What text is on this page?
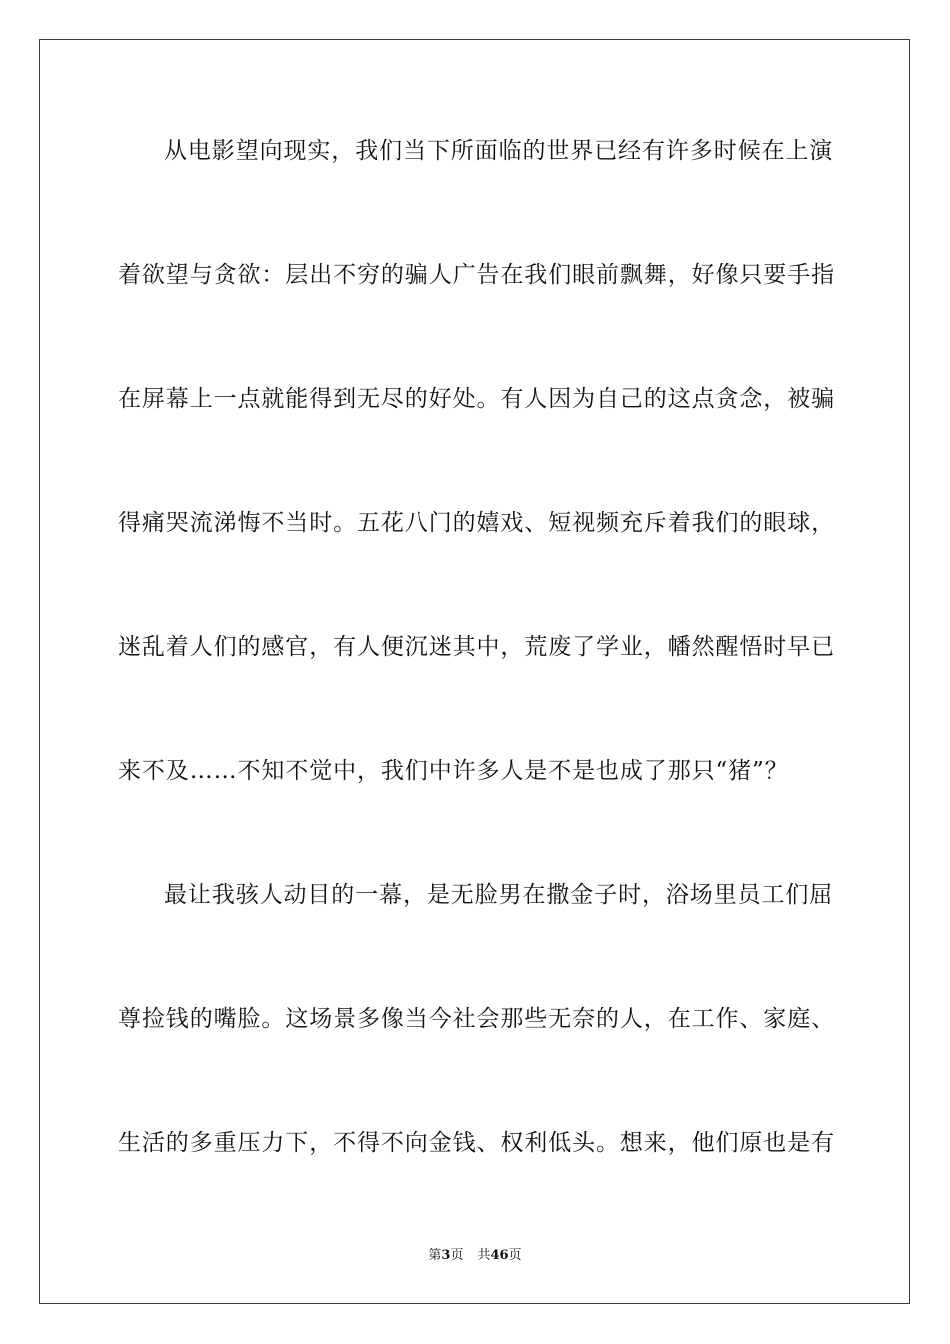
从电影望向现实，我们当下所面临的世界已经有许多时候在上演
着欲望与贪欲：层出不穷的骗人广告在我们眼前飘舞，好像只要手指
在屏幕上一点就能得到无尽的好处。有人因为自己的这点贪念，被骗
得痛哭流涕悔不当时。五花八门的嬉戏、短视频充斥着我们的眼球，
迷乱着人们的感官，有人便沉迷其中，荒废了学业，幡然醒悟时早已
来不及……不知不觉中，我们中许多人是不是也成了那只“猪”？
最让我骇人动目的一幕，是无脸男在撒金子时，浴场里员工们屈
尊捡钱的嘴脸。这场景多像当今社会那些无奈的人，在工作、家庭、
生活的多重压力下，不得不向金钱、权利低头。想来，他们原也是有
第3页 共46页
